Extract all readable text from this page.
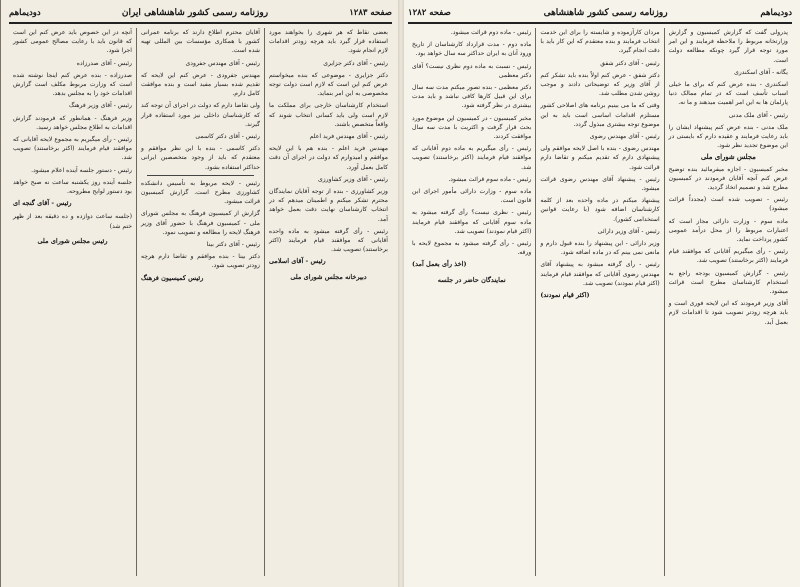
صفحه ۱۲۸۳
روزنامه رسمی کشور شاهنشاهی ایران
دودیماهم

بعضی نقاط که هر شهری را بخواهند مورد استفاده قرار گیرد باید هرچه زودتر اقدامات لازم انجام شود.

رئیس - آقای دکتر جزایری

دکتر جزایری - موضوعی که بنده میخواستم عرض کنم این است که لازم است دولت توجه مخصوصی به این امر بنماید.

استخدام کارشناسان خارجی برای مملکت ما لازم است ولی باید کسانی انتخاب شوند که واقعاً متخصص باشند.

رئیس - آقای مهندس فرید اعلم

مهندس فرید اعلم - بنده هم با این لایحه موافقم و امیدوارم که دولت در اجرای آن دقت کامل بعمل آورد.

رئیس - آقای وزیر کشاورزی

وزیر کشاورزی - بنده از توجه آقایان نمایندگان محترم تشکر میکنم و اطمینان میدهم که در انتخاب کارشناسان نهایت دقت بعمل خواهد آمد.

رئیس - رأی گرفته میشود به ماده واحده آقایانی که موافقند قیام فرمایند (اکثر برخاستند) تصویب شد.

رئیس - آقای اسلامی

دبیرخانه مجلس شورای ملی

آقایان محترم اطلاع دارند که برنامه عمرانی کشور با همکاری مؤسسات بین المللی تهیه شده است.

رئیس - آقای مهندس جفرودی

مهندس جفرودی - عرض کنم این لایحه که تقدیم شده بسیار مفید است و بنده موافقت کامل دارم.

ولی تقاضا دارم که دولت در اجرای آن توجه کند که کارشناسان داخلی نیز مورد استفاده قرار گیرند.

رئیس - آقای دکتر کاسمی

دکتر کاسمی - بنده با این نظر موافقم و معتقدم که باید از وجود متخصصین ایرانی حداکثر استفاده بشود.

رئیس - لایحه مربوط به تأسیس دانشکده کشاورزی مطرح است. گزارش کمیسیون قرائت میشود.

گزارش از کمیسیون فرهنگ به مجلس شورای ملی - کمیسیون فرهنگ با حضور آقای وزیر فرهنگ لایحه را مطالعه و تصویب نمود.

رئیس - آقای دکتر بینا

دکتر بینا - بنده موافقم و تقاضا دارم هرچه زودتر تصویب شود.

رئیس کمیسیون فرهنگ

آنچه در این خصوص باید عرض کنم این است که قانون باید با رعایت مصالح عمومی کشور اجرا شود.

رئیس - آقای صدرزاده

صدرزاده - بنده عرض کنم اینجا نوشته شده است که وزارت مربوط مکلف است گزارش اقدامات خود را به مجلس بدهد.

رئیس - آقای وزیر فرهنگ

وزیر فرهنگ - همانطور که فرمودند گزارش اقدامات به اطلاع مجلس خواهد رسید.

رئیس - رأی میگیریم به مجموع لایحه آقایانی که موافقند قیام فرمایند (اکثر برخاستند) تصویب شد.

رئیس - دستور جلسه آینده اعلام میشود.

جلسه آینده روز یکشنبه ساعت نه صبح خواهد بود دستور لوایح مطروحه.

رئیس - آقای گنجه ای

(جلسه ساعت دوازده و ده دقیقه بعد از ظهر ختم شد)

رئیس مجلس شورای ملی

دودیماهم
روزنامه رسمی کشور شاهنشاهی
صفحه ۱۲۸۲

پدرولی گفت که گزارش کمیسیون و گزارش وزارتخانه مربوط را ملاحظه فرمایند و این امر مورد توجه قرار گیرد چونکه مطالعه دولت است.

یگانه - آقای اسکندری

اسکندری - بنده عرض کنم که برای ما خیلی اسباب تأسف است که در تمام ممالک دنیا پارلمان ها به این امر اهمیت میدهند و ما نه.

رئیس - آقای ملک مدنی

ملک مدنی - بنده عرض کنم پیشنهاد ایشان را باید رعایت فرمایند و عقیده دارم که بایستی در این موضوع تجدید نظر شود.

مجلس شورای ملی

مخبر کمیسیون - اجازه میفرمائید بنده توضیح عرض کنم آنچه آقایان فرمودند در کمیسیون مطرح شد و تصمیم اتخاذ گردید.

رئیس - تصویب شده است (مجدداً قرائت میشود)

ماده سوم - وزارت دارائی مجاز است که اعتبارات مربوط را از محل درآمد عمومی کشور پرداخت نماید.

رئیس - رأی میگیریم آقایانی که موافقند قیام فرمایند (اکثر برخاستند) تصویب شد.

رئیس - گزارش کمیسیون بودجه راجع به استخدام کارشناسان مطرح است قرائت میشود.

آقای وزیر فرمودند که این لایحه فوری است و باید هرچه زودتر تصویب شود تا اقدامات لازم بعمل آید.

مردان کارآزموده و شایسته را برای این خدمت انتخاب فرمایند و بنده معتقدم که این کار باید با دقت انجام گیرد.

رئیس - آقای دکتر شفق

دکتر شفق - عرض کنم اولاً بنده باید تشکر کنم از آقای وزیر که توضیحاتی دادند و موجب روشن شدن مطلب شد.

وقتی که ما می بینیم برنامه های اصلاحی کشور مستلزم اقدامات اساسی است باید به این موضوع توجه بیشتری مبذول گردد.

رئیس - آقای مهندس رضوی

مهندس رضوی - بنده با اصل لایحه موافقم ولی پیشنهادی دارم که تقدیم میکنم و تقاضا دارم قرائت شود.

رئیس - پیشنهاد آقای مهندس رضوی قرائت میشود.

پیشنهاد میکنم در ماده واحده بعد از کلمه کارشناسان اضافه شود (با رعایت قوانین استخدامی کشور).

رئیس - آقای وزیر دارائی

وزیر دارائی - این پیشنهاد را بنده قبول دارم و مانعی نمی بینم که در ماده اضافه شود.

رئیس - رأی گرفته میشود به پیشنهاد آقای مهندس رضوی آقایانی که موافقند قیام فرمایند (اکثر قیام نمودند) تصویب شد.

(اکثر قیام نمودند)

رئیس - ماده دوم قرائت میشود.

ماده دوم - مدت قرارداد کارشناسان از تاریخ ورود آنان به ایران حداکثر سه سال خواهد بود.

رئیس - نسبت به ماده دوم نظری نیست؟ آقای دکتر معظمی

دکتر معظمی - بنده تصور میکنم مدت سه سال برای این قبیل کارها کافی نباشد و باید مدت بیشتری در نظر گرفته شود.

مخبر کمیسیون - در کمیسیون این موضوع مورد بحث قرار گرفت و اکثریت با مدت سه سال موافقت کردند.

رئیس - رأی میگیریم به ماده دوم آقایانی که موافقند قیام فرمایند (اکثر برخاستند) تصویب شد.

رئیس - ماده سوم قرائت میشود.

ماده سوم - وزارت دارائی مأمور اجرای این قانون است.

رئیس - نظری نیست؟ رأی گرفته میشود به ماده سوم آقایانی که موافقند قیام فرمایند (اکثر قیام نمودند) تصویب شد.

رئیس - رأی گرفته میشود به مجموع لایحه با ورقه.

(اخذ رأی بعمل آمد)

نمایندگان حاضر در جلسه
